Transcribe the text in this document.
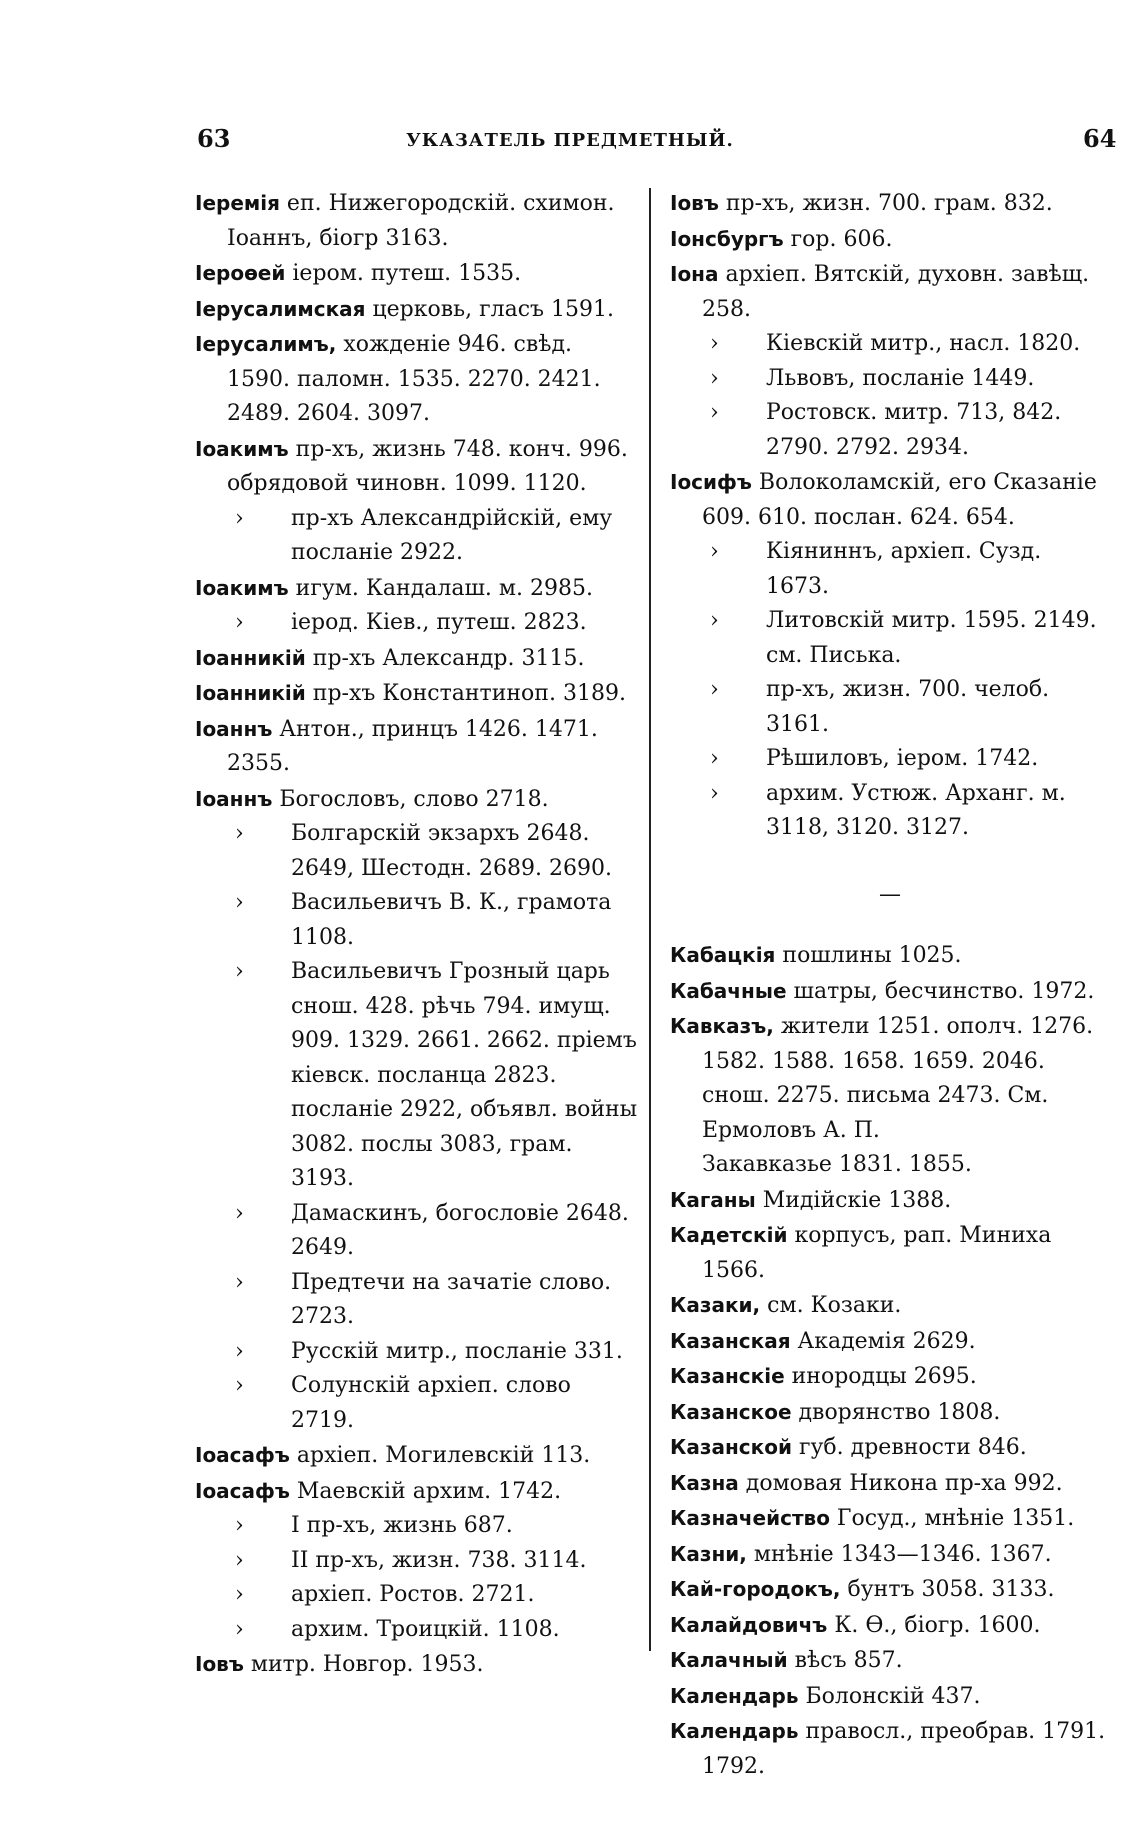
63	УКАЗАТЕЛЬ ПРЕДМЕТНЫЙ.	64

Iеремія еп. Нижегородскій. схимон. Іоаннъ, біогр 3163.

Iероѳей іером. путеш. 1535.

Iерусалимская церковь, гласъ 1591.

Iерусалимъ, хожденіе 946. свѣд. 1590. паломн. 1535. 2270. 2421. 2489. 2604. 3097.

Iоакимъ пр-хъ, жизнь 748. конч. 996. обрядовой чиновн. 1099. 1120.

› пр-хъ Александрійскій, ему посланіе 2922.

Iоакимъ игум. Кандалаш. м. 2985.

› іерод. Кіев., путеш. 2823.

Iоанникій пр-хъ Александр. 3115.

Iоанникій пр-хъ Константиноп. 3189.

Iоаннъ Антон., принцъ 1426. 1471. 2355.

Iоаннъ Богословъ, слово 2718.

› Болгарскій экзархъ 2648. 2649, Шестодн. 2689. 2690.

› Васильевичъ В. К., грамота 1108.

› Васильевичъ Грозный царь снош. 428. рѣчь 794. имущ. 909. 1329. 2661. 2662. пріемъ кіевск. посланца 2823. посланіе 2922, объявл. войны 3082. послы 3083, грам. 3193.

› Дамаскинъ, богословіе 2648. 2649.

› Предтечи на зачатіе слово. 2723.

› Русскій митр., посланіе 331.

› Солунскій архіеп. слово 2719.

Iоасафъ архіеп. Могилевскій 113.

Iоасафъ Маевскій архим. 1742.

› I пр-хъ, жизнь 687.

› II пр-хъ, жизн. 738. 3114.

› архіеп. Ростов. 2721.

› архим. Троицкій. 1108.

Iовъ митр. Новгор. 1953.

Iовъ пр-хъ, жизн. 700. грам. 832.

Iонсбургъ гор. 606.

Iона архіеп. Вятскій, духовн. завѣщ. 258.

› Кіевскій митр., насл. 1820.

› Львовъ, посланіе 1449.

› Ростовск. митр. 713, 842. 2790. 2792. 2934.

Iосифъ Волоколамскій, его Сказаніе 609. 610. послан. 624. 654.

› Кіяниннъ, архіеп. Сузд. 1673.

› Литовскій митр. 1595. 2149. см. Писька.

› пр-хъ, жизн. 700. челоб. 3161.

› Рѣшиловъ, іером. 1742.

› архим. Устюж. Арханг. м. 3118, 3120. 3127.

—

Кабацкія пошлины 1025.

Кабачные шатры, бесчинство. 1972.

Кавказъ, жители 1251. ополч. 1276. 1582. 1588. 1658. 1659. 2046. снош. 2275. письма 2473. См. Ермоловъ А. П.

Закавказье 1831. 1855.

Каганы Мидійскіе 1388.

Кадетскій корпусъ, рап. Миниха 1566.

Казаки, см. Козаки.

Казанская Академія 2629.

Казанскіе инородцы 2695.

Казанское дворянство 1808.

Казанской губ. древности 846.

Казна домовая Никона пр-ха 992.

Казначейство Госуд., мнѣніе 1351.

Казни, мнѣніе 1343—1346. 1367.

Кай-городокъ, бунтъ 3058. 3133.

Калайдовичъ К. Ѳ., біогр. 1600.

Калачный вѣсъ 857.

Календарь Болонскій 437.

Календарь правосл., преобрав. 1791. 1792.
